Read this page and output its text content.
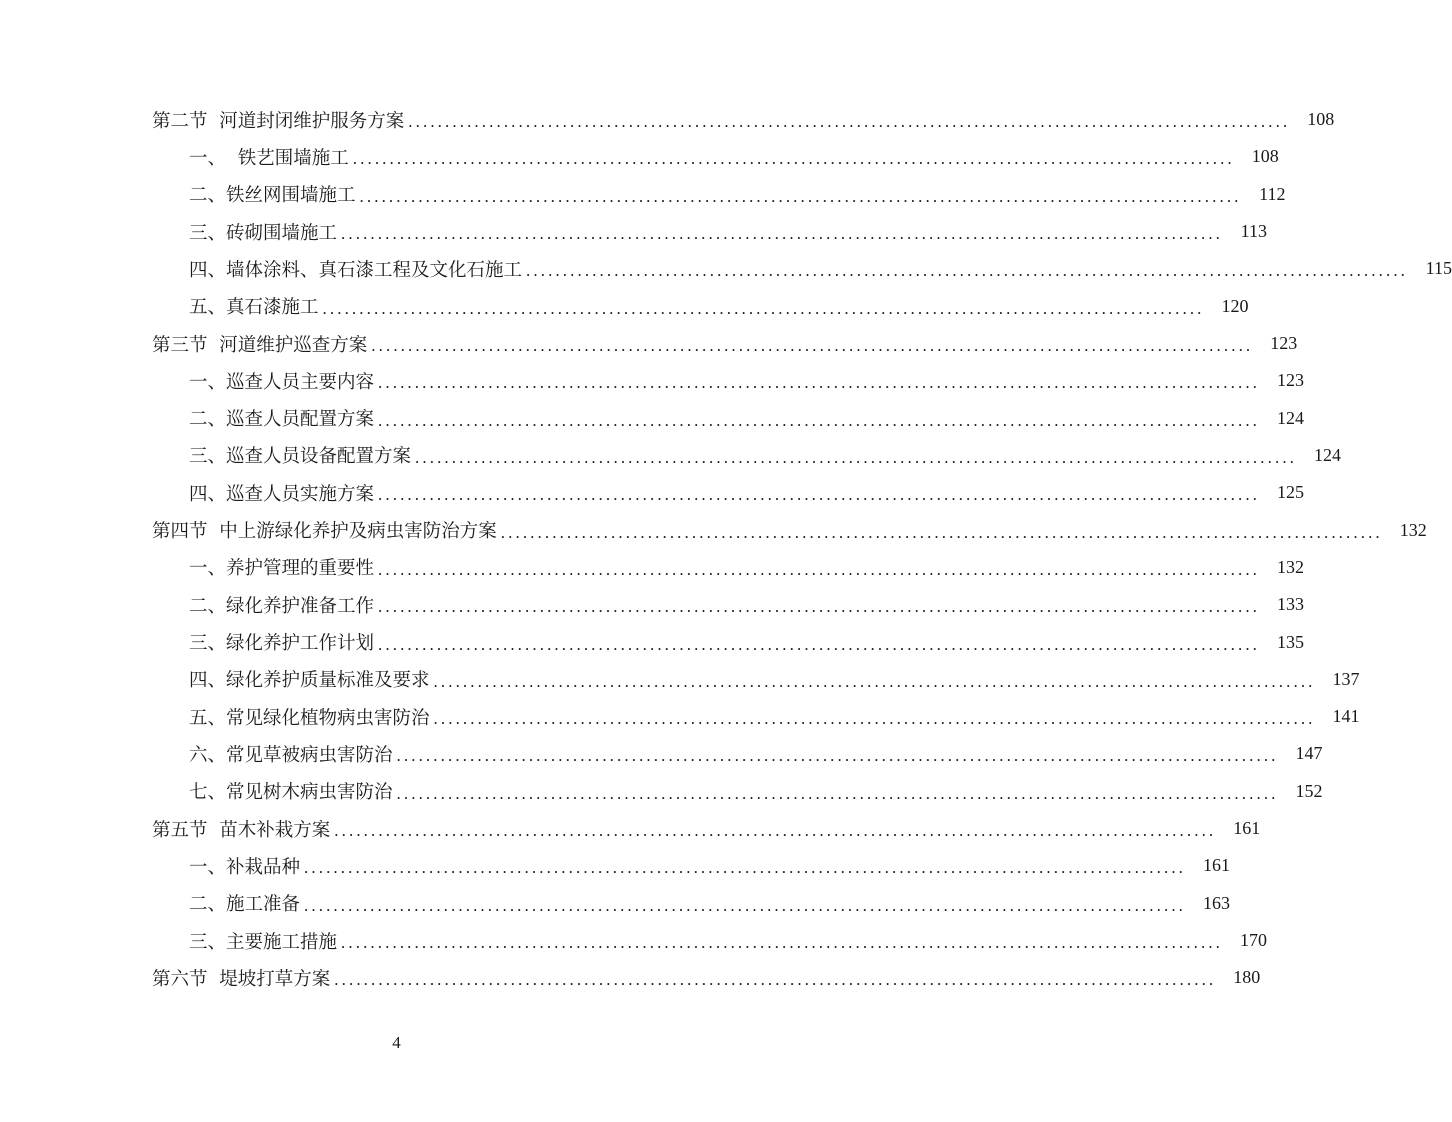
第二节  河道封闭维护服务方案 ........................................................................................................................ 108
一、  铁艺围墙施工 ........................................................................................................................ 108
二、铁丝网围墙施工 ........................................................................................................................ 112
三、砖砌围墙施工 ........................................................................................................................ 113
四、墙体涂料、真石漆工程及文化石施工 ........................................................................................................................ 115
五、真石漆施工 ........................................................................................................................ 120
第三节  河道维护巡查方案 ........................................................................................................................ 123
一、巡查人员主要内容 ........................................................................................................................ 123
二、巡查人员配置方案 ........................................................................................................................ 124
三、巡查人员设备配置方案 ........................................................................................................................ 124
四、巡查人员实施方案 ........................................................................................................................ 125
第四节  中上游绿化养护及病虫害防治方案 ........................................................................................................................ 132
一、养护管理的重要性 ........................................................................................................................ 132
二、绿化养护准备工作 ........................................................................................................................ 133
三、绿化养护工作计划 ........................................................................................................................ 135
四、绿化养护质量标准及要求 ........................................................................................................................ 137
五、常见绿化植物病虫害防治 ........................................................................................................................ 141
六、常见草被病虫害防治 ........................................................................................................................ 147
七、常见树木病虫害防治 ........................................................................................................................ 152
第五节  苗木补栽方案 ........................................................................................................................ 161
一、补栽品种 ........................................................................................................................ 161
二、施工准备 ........................................................................................................................ 163
三、主要施工措施 ........................................................................................................................ 170
第六节  堤坡打草方案 ........................................................................................................................ 180
4
